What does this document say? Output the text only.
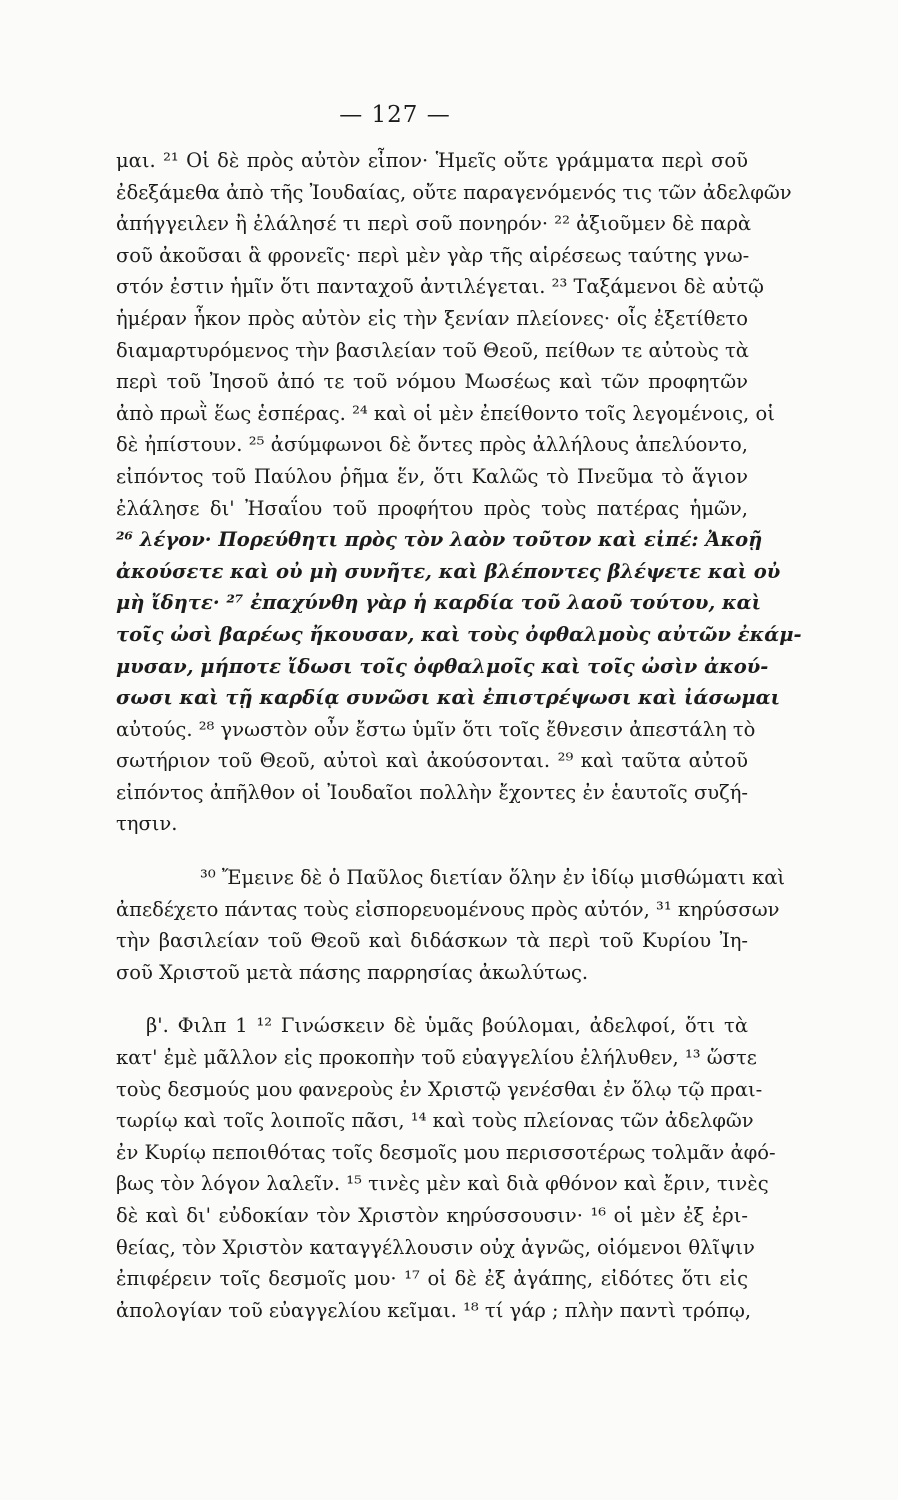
— 127 —
μαι. ²¹ Οἱ δὲ πρὸς αὐτὸν εἶπον· Ἡμεῖς οὔτε γράμματα περὶ σοῦ
ἐδεξάμεθα ἀπὸ τῆς Ἰουδαίας, οὔτε παραγενόμενός τις τῶν ἀδελφῶν
ἀπήγγειλεν ἢ ἐλάλησέ τι περὶ σοῦ πονηρόν· ²² ἀξιοῦμεν δὲ παρὰ
σοῦ ἀκοῦσαι ἃ φρονεῖς· περὶ μὲν γὰρ τῆς αἱρέσεως ταύτης γνω-
στόν ἐστιν ἡμῖν ὅτι πανταχοῦ ἀντιλέγεται. ²³ Ταξάμενοι δὲ αὐτῷ
ἡμέραν ἧκον πρὸς αὐτὸν εἰς τὴν ξενίαν πλείονες· οἷς ἐξετίθετο
διαμαρτυρόμενος τὴν βασιλείαν τοῦ Θεοῦ, πείθων τε αὐτοὺς τὰ
περὶ τοῦ Ἰησοῦ ἀπό τε τοῦ νόμου Μωσέως καὶ τῶν προφητῶν
ἀπὸ πρωῒ ἕως ἑσπέρας. ²⁴ καὶ οἱ μὲν ἐπείθοντο τοῖς λεγομένοις, οἱ
δὲ ἠπίστουν. ²⁵ ἀσύμφωνοι δὲ ὄντες πρὸς ἀλλήλους ἀπελύοντο,
εἰπόντος τοῦ Παύλου ῥῆμα ἕν, ὅτι Καλῶς τὸ Πνεῦμα τὸ ἅγιον
ἐλάλησε δι' Ἠσαΐου τοῦ προφήτου πρὸς τοὺς πατέρας ἡμῶν,
²⁶ λέγον· Πορεύθητι πρὸς τὸν λαὸν τοῦτον καὶ εἰπέ: Ἀκοῇ
ἀκούσετε καὶ οὐ μὴ συνῆτε, καὶ βλέποντες βλέψετε καὶ οὐ
μὴ ἴδητε· ²⁷ ἐπαχύνθη γὰρ ἡ καρδία τοῦ λαοῦ τούτου, καὶ
τοῖς ὠσὶ βαρέως ἤκουσαν, καὶ τοὺς ὀφθαλμοὺς αὐτῶν ἐκάμ-
μυσαν, μήποτε ἴδωσι τοῖς ὀφθαλμοῖς καὶ τοῖς ὠσὶν ἀκού-
σωσι καὶ τῇ καρδίᾳ συνῶσι καὶ ἐπιστρέψωσι καὶ ἰάσωμαι
αὐτούς. ²⁸ γνωστὸν οὖν ἔστω ὑμῖν ὅτι τοῖς ἔθνεσιν ἀπεστάλη τὸ
σωτήριον τοῦ Θεοῦ, αὐτοὶ καὶ ἀκούσονται. ²⁹ καὶ ταῦτα αὐτοῦ
εἰπόντος ἀπῆλθον οἱ Ἰουδαῖοι πολλὴν ἔχοντες ἐν ἑαυτοῖς συζή-
τησιν.
³⁰ Ἔμεινε δὲ ὁ Παῦλος διετίαν ὅλην ἐν ἰδίῳ μισθώματι καὶ
ἀπεδέχετο πάντας τοὺς εἰσπορευομένους πρὸς αὐτόν, ³¹ κηρύσσων
τὴν βασιλείαν τοῦ Θεοῦ καὶ διδάσκων τὰ περὶ τοῦ Κυρίου Ἰη-
σοῦ Χριστοῦ μετὰ πάσης παρρησίας ἀκωλύτως.
β'. Φιλπ 1 ¹² Γινώσκειν δὲ ὑμᾶς βούλομαι, ἀδελφοί, ὅτι τὰ
κατ' ἐμὲ μᾶλλον εἰς προκοπὴν τοῦ εὐαγγελίου ἐλήλυθεν, ¹³ ὥστε
τοὺς δεσμούς μου φανεροὺς ἐν Χριστῷ γενέσθαι ἐν ὅλῳ τῷ πραι-
τωρίῳ καὶ τοῖς λοιποῖς πᾶσι, ¹⁴ καὶ τοὺς πλείονας τῶν ἀδελφῶν
ἐν Κυρίῳ πεποιθότας τοῖς δεσμοῖς μου περισσοτέρως τολμᾶν ἀφό-
βως τὸν λόγον λαλεῖν. ¹⁵ τινὲς μὲν καὶ διὰ φθόνον καὶ ἔριν, τινὲς
δὲ καὶ δι' εὐδοκίαν τὸν Χριστὸν κηρύσσουσιν· ¹⁶ οἱ μὲν ἐξ ἐρι-
θείας, τὸν Χριστὸν καταγγέλλουσιν οὐχ ἁγνῶς, οἰόμενοι θλῖψιν
ἐπιφέρειν τοῖς δεσμοῖς μου· ¹⁷ οἱ δὲ ἐξ ἀγάπης, εἰδότες ὅτι εἰς
ἀπολογίαν τοῦ εὐαγγελίου κεῖμαι. ¹⁸ τί γάρ ; πλὴν παντὶ τρόπῳ,
